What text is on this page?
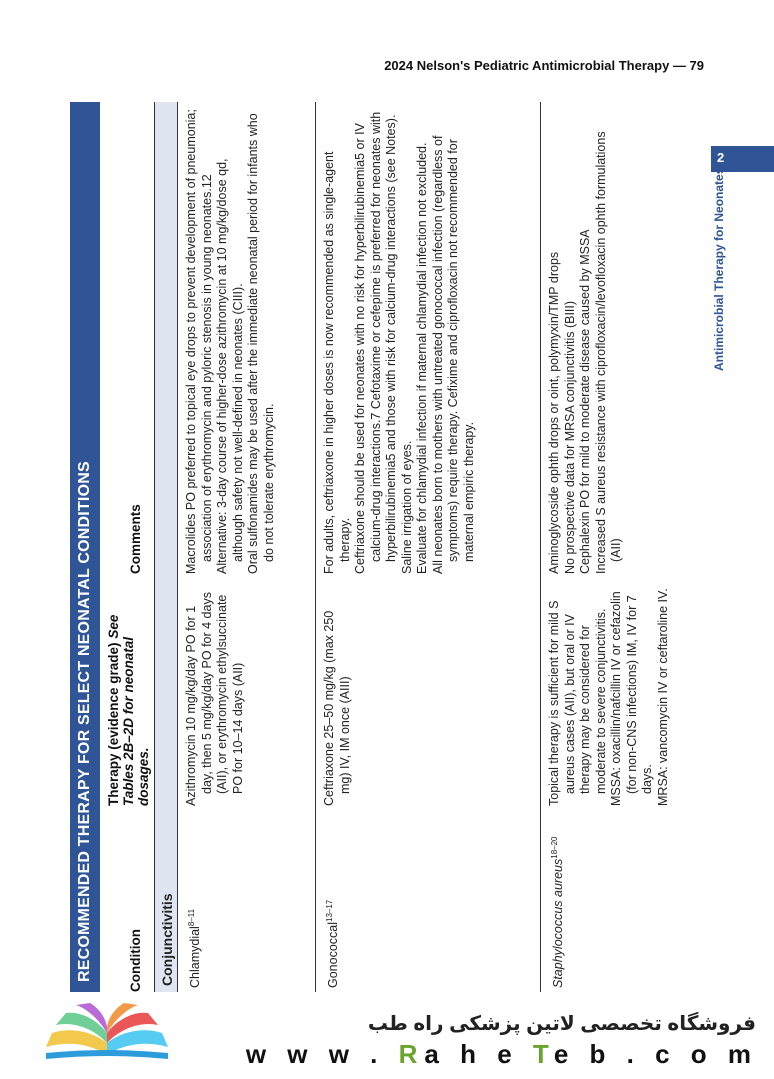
2024 Nelson's Pediatric Antimicrobial Therapy — 79
RECOMMENDED THERAPY FOR SELECT NEONATAL CONDITIONS	Condition
Therapy (evidence grade) See Tables 2B–2D for neonatal dosages.
Comments
Conjunctivitis	Chlamydial$^{8-11}$

Azithromycin 10 mg/kg/day PO for 1 day, then 5 mg/kg/day PO for 4 days (AII), or erythromycin ethylsuccinate PO for 10–14 days (AII)

Macrolides PO preferred to topical eye drops to prevent development of pneumonia; association of erythromycin and pyloric stenosis in young neonates.12 Alternative: 3-day course of higher-dose azithromycin at 10 mg/kg/dose qd, although safety not well-defined in neonates (CIII). Oral sulfonamides may be used after the immediate neonatal period for infants who do not tolerate erythromycin.

Gonococcal$^{13-17}$

Ceftriaxone 25–50 mg/kg (max 250 mg) IV, IM once (AIII)

For adults, ceftriaxone in higher doses is now recommended as single-agent therapy. Ceftriaxone should be used for neonates with no risk for hyperbilirubinemia5 or IV calcium-drug interactions.7 Cefotaxime or cefepime is preferred for neonates with hyperbilirubinemia5 and those with risk for calcium-drug interactions (see Notes). Saline irrigation of eyes. Evaluate for chlamydial infection if maternal chlamydial infection not excluded. All neonates born to mothers with untreated gonococcal infection (regardless of symptoms) require therapy. Cefixime and ciprofloxacin not recommended for maternal empiric therapy.

Staphylococcus aureus$^{18-20}$

Topical therapy is sufficient for mild S aureus cases (AII), but oral or IV therapy may be considered for moderate to severe conjunctivitis. MSSA: oxacillin/nafcillin IV or cefazolin (for non-CNS infections) IM, IV for 7 days. MRSA: vancomycin IV or ceftaroline IV.

Aminoglycoside ophth drops or oint, polymyxin/TMP drops No prospective data for MRSA conjunctivitis (BIII) Cephalexin PO for mild to moderate disease caused by MSSA Increased S aureus resistance with ciprofloxacin/levofloxacin ophth formulations (AII)

2
Antimicrobial Therapy for Neonates
فروشگاه تخصصی لاتین پزشکی راه طب
w w w . Ra h e Te b . c o m
